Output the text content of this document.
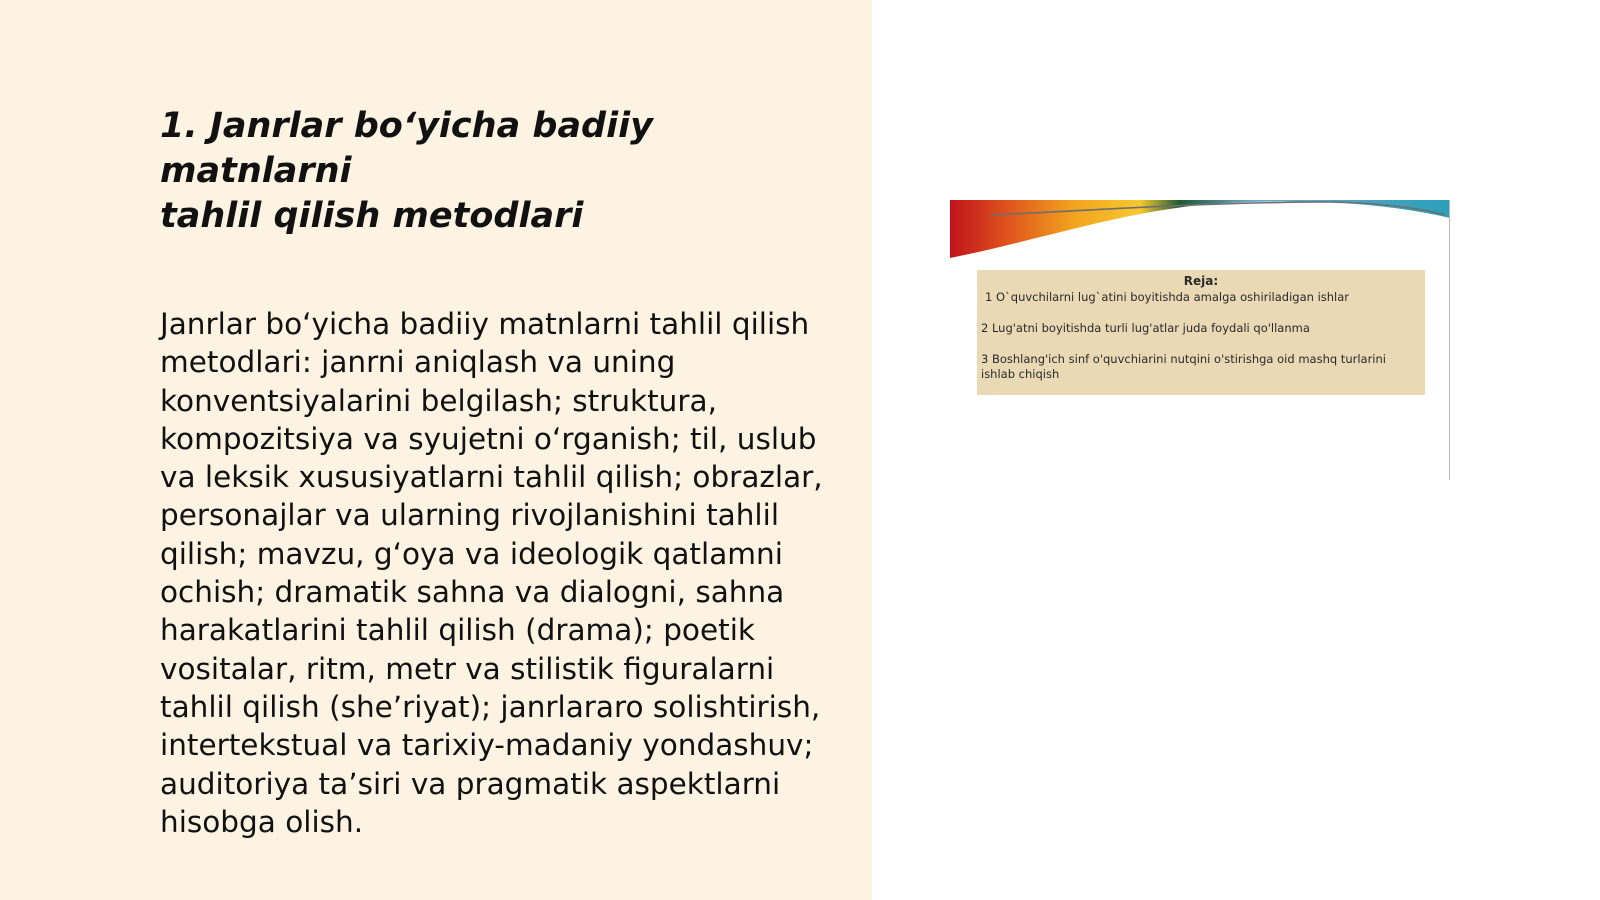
1. Janrlar bo‘yicha badiiy matnlarni
tahlil qilish metodlari

Janrlar bo‘yicha badiiy matnlarni tahlil qilish metodlari: janrni aniqlash va uning konventsiyalarini belgilash; struktura, kompozitsiya va syujetni o‘rganish; til, uslub va leksik xususiyatlarni tahlil qilish; obrazlar, personajlar va ularning rivojlanishini tahlil qilish; mavzu, g‘oya va ideologik qatlamni ochish; dramatik sahna va dialogni, sahna harakatlarini tahlil qilish (drama); poetik vositalar, ritm, metr va stilistik figuralarni tahlil qilish (she’riyat); janrlararo solishtirish, intertekstual va tarixiy-madaniy yondashuv; auditoriya ta’siri va pragmatik aspektlarni hisobga olish.

Reja:
1 O`quvchilarni lug`atini boyitishda amalga oshiriladigan ishlar
2 Lug'atni boyitishda turli lug'atlar juda foydali qo'llanma
3 Boshlang'ich sinf o'quvchiarini nutqini o'stirishga oid mashq turlarini ishlab chiqish
